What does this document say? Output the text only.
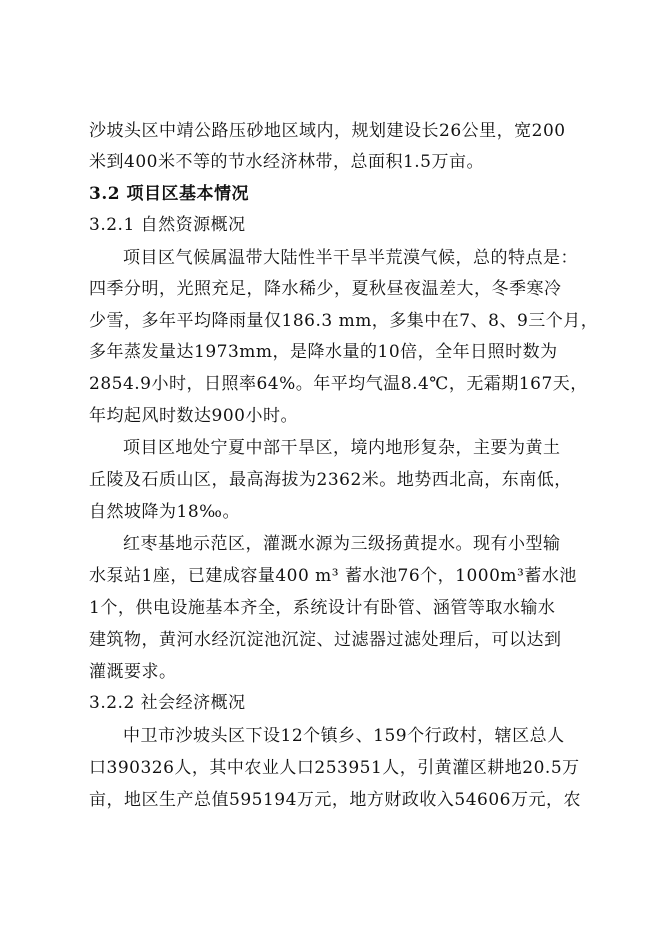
沙坡头区中靖公路压砂地区域内，规划建设长26公里，宽200
米到400米不等的节水经济林带，总面积1.5万亩。
3.2 项目区基本情况
3.2.1 自然资源概况
项目区气候属温带大陆性半干旱半荒漠气候，总的特点是：
四季分明，光照充足，降水稀少，夏秋昼夜温差大，冬季寒冷
少雪，多年平均降雨量仅186.3 mm，多集中在7、8、9三个月，
多年蒸发量达1973mm，是降水量的10倍，全年日照时数为
2854.9小时，日照率64%。年平均气温8.4℃，无霜期167天，
年均起风时数达900小时。
项目区地处宁夏中部干旱区，境内地形复杂，主要为黄土
丘陵及石质山区，最高海拔为2362米。地势西北高，东南低，
自然坡降为18‰。
红枣基地示范区，灌溉水源为三级扬黄提水。现有小型输
水泵站1座，已建成容量400 m³ 蓄水池76个，1000m³蓄水池
1个，供电设施基本齐全，系统设计有卧管、涵管等取水输水
建筑物，黄河水经沉淀池沉淀、过滤器过滤处理后，可以达到
灌溉要求。
3.2.2 社会经济概况
中卫市沙坡头区下设12个镇乡、159个行政村，辖区总人
口390326人，其中农业人口253951人，引黄灌区耕地20.5万
亩，地区生产总值595194万元，地方财政收入54606万元，农
